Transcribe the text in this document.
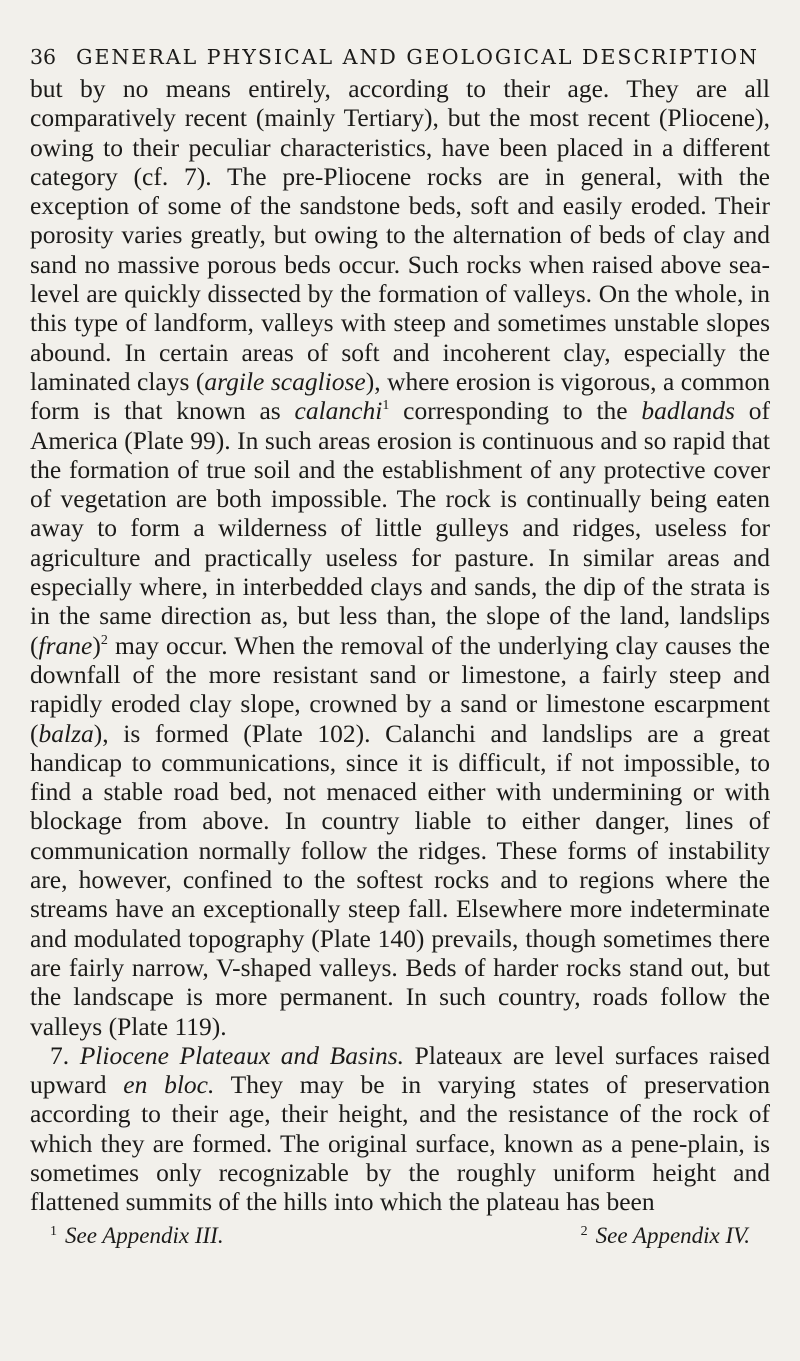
36 GENERAL PHYSICAL AND GEOLOGICAL DESCRIPTION

but by no means entirely, according to their age. They are all comparatively recent (mainly Tertiary), but the most recent (Pliocene), owing to their peculiar characteristics, have been placed in a different category (cf. 7). The pre-Pliocene rocks are in general, with the exception of some of the sandstone beds, soft and easily eroded. Their porosity varies greatly, but owing to the alternation of beds of clay and sand no massive porous beds occur. Such rocks when raised above sea-level are quickly dissected by the formation of valleys. On the whole, in this type of landform, valleys with steep and sometimes unstable slopes abound. In certain areas of soft and incoherent clay, especially the laminated clays (argile scagliose), where erosion is vigorous, a common form is that known as calanchi$^1$ corresponding to the badlands of America (Plate 99). In such areas erosion is continuous and so rapid that the formation of true soil and the establishment of any protective cover of vegetation are both impossible. The rock is continually being eaten away to form a wilderness of little gulleys and ridges, useless for agriculture and practically useless for pasture. In similar areas and especially where, in interbedded clays and sands, the dip of the strata is in the same direction as, but less than, the slope of the land, landslips (frane)$^2$ may occur. When the removal of the underlying clay causes the downfall of the more resistant sand or limestone, a fairly steep and rapidly eroded clay slope, crowned by a sand or limestone escarpment (balza), is formed (Plate 102). Calanchi and landslips are a great handicap to communications, since it is difficult, if not impossible, to find a stable road bed, not menaced either with undermining or with blockage from above. In country liable to either danger, lines of communication normally follow the ridges. These forms of instability are, however, confined to the softest rocks and to regions where the streams have an exceptionally steep fall. Elsewhere more indeterminate and modulated topography (Plate 140) prevails, though sometimes there are fairly narrow, V-shaped valleys. Beds of harder rocks stand out, but the landscape is more permanent. In such country, roads follow the valleys (Plate 119).

7. Pliocene Plateaux and Basins. Plateaux are level surfaces raised upward en bloc. They may be in varying states of preservation according to their age, their height, and the resistance of the rock of which they are formed. The original surface, known as a pene-plain, is sometimes only recognizable by the roughly uniform height and flattened summits of the hills into which the plateau has been

$^1$ See Appendix III.	$^2$ See Appendix IV.
